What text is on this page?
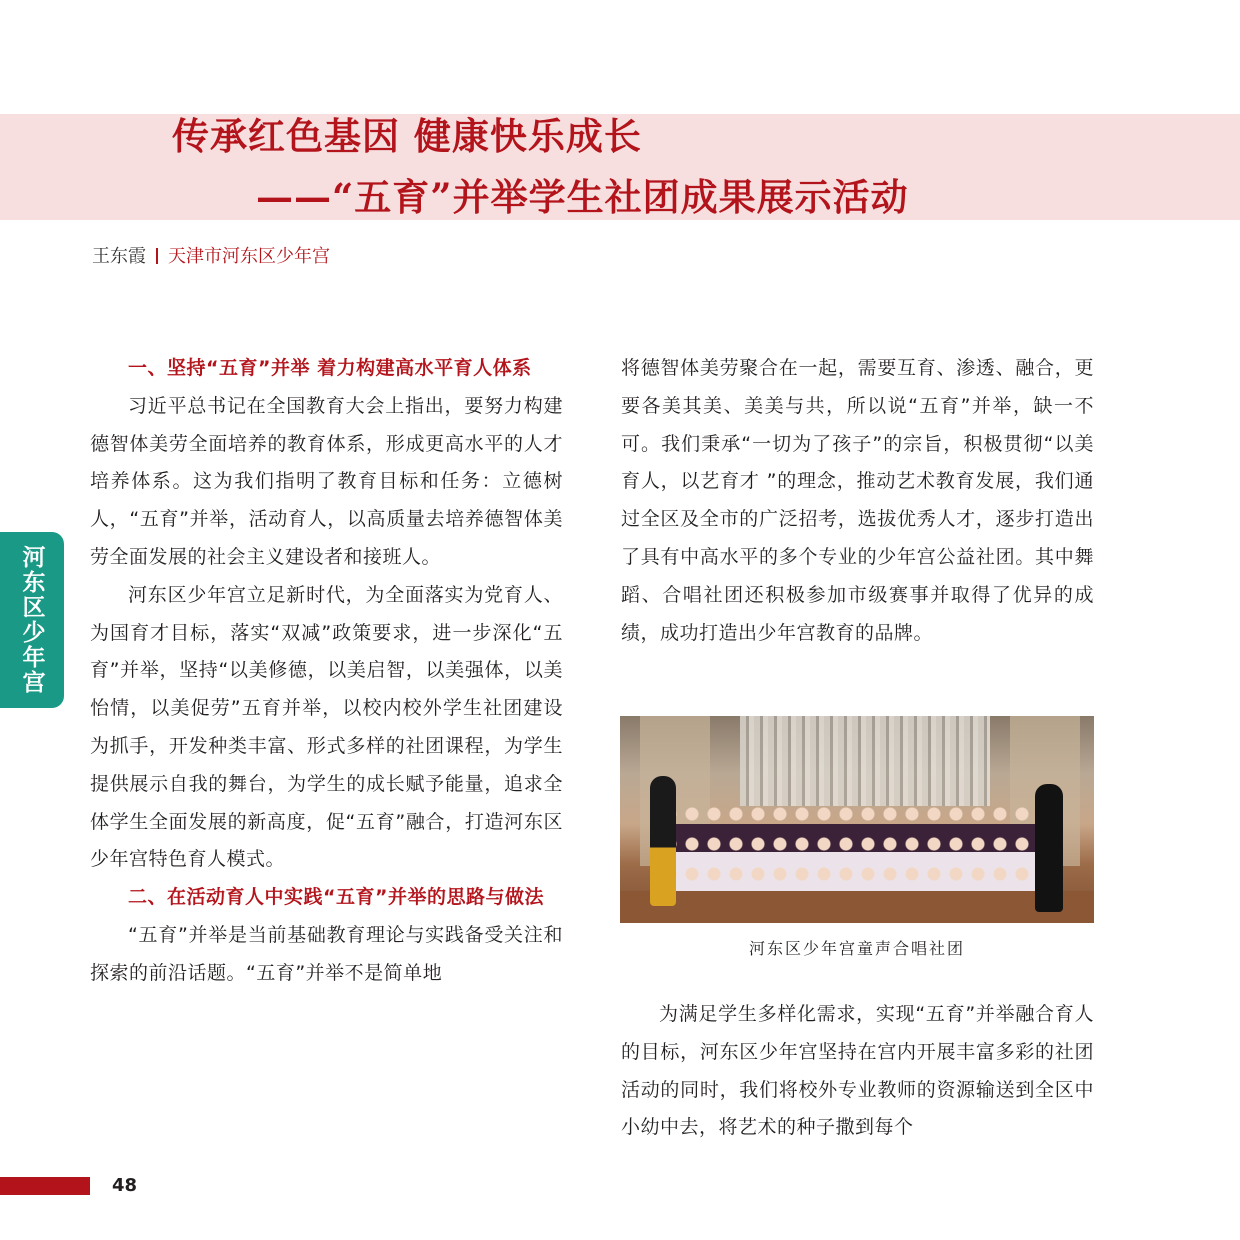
传承红色基因 健康快乐成长
——“五育”并举学生社团成果展示活动
王东霞 天津市河东区少年宫
河东区少年宫
一、坚持“五育”并举 着力构建高水平育人体系

习近平总书记在全国教育大会上指出，要努力构建德智体美劳全面培养的教育体系，形成更高水平的人才培养体系。这为我们指明了教育目标和任务：立德树人，“五育”并举，活动育人，以高质量去培养德智体美劳全面发展的社会主义建设者和接班人。

河东区少年宫立足新时代，为全面落实为党育人、为国育才目标，落实“双减”政策要求，进一步深化“五育”并举，坚持“以美修德，以美启智，以美强体，以美怡情，以美促劳”五育并举，以校内校外学生社团建设为抓手，开发种类丰富、形式多样的社团课程，为学生提供展示自我的舞台，为学生的成长赋予能量，追求全体学生全面发展的新高度，促“五育”融合，打造河东区少年宫特色育人模式。

二、在活动育人中实践“五育”并举的思路与做法

“五育”并举是当前基础教育理论与实践备受关注和探索的前沿话题。“五育”并举不是简单地

将德智体美劳聚合在一起，需要互育、渗透、融合，更要各美其美、美美与共，所以说“五育”并举，缺一不可。我们秉承“一切为了孩子”的宗旨，积极贯彻“以美育人，以艺育才 ”的理念，推动艺术教育发展，我们通过全区及全市的广泛招考，选拔优秀人才，逐步打造出了具有中高水平的多个专业的少年宫公益社团。其中舞蹈、合唱社团还积极参加市级赛事并取得了优异的成绩，成功打造出少年宫教育的品牌。

河东区少年宫童声合唱社团

为满足学生多样化需求，实现“五育”并举融合育人的目标，河东区少年宫坚持在宫内开展丰富多彩的社团活动的同时，我们将校外专业教师的资源输送到全区中小幼中去，将艺术的种子撒到每个

48
